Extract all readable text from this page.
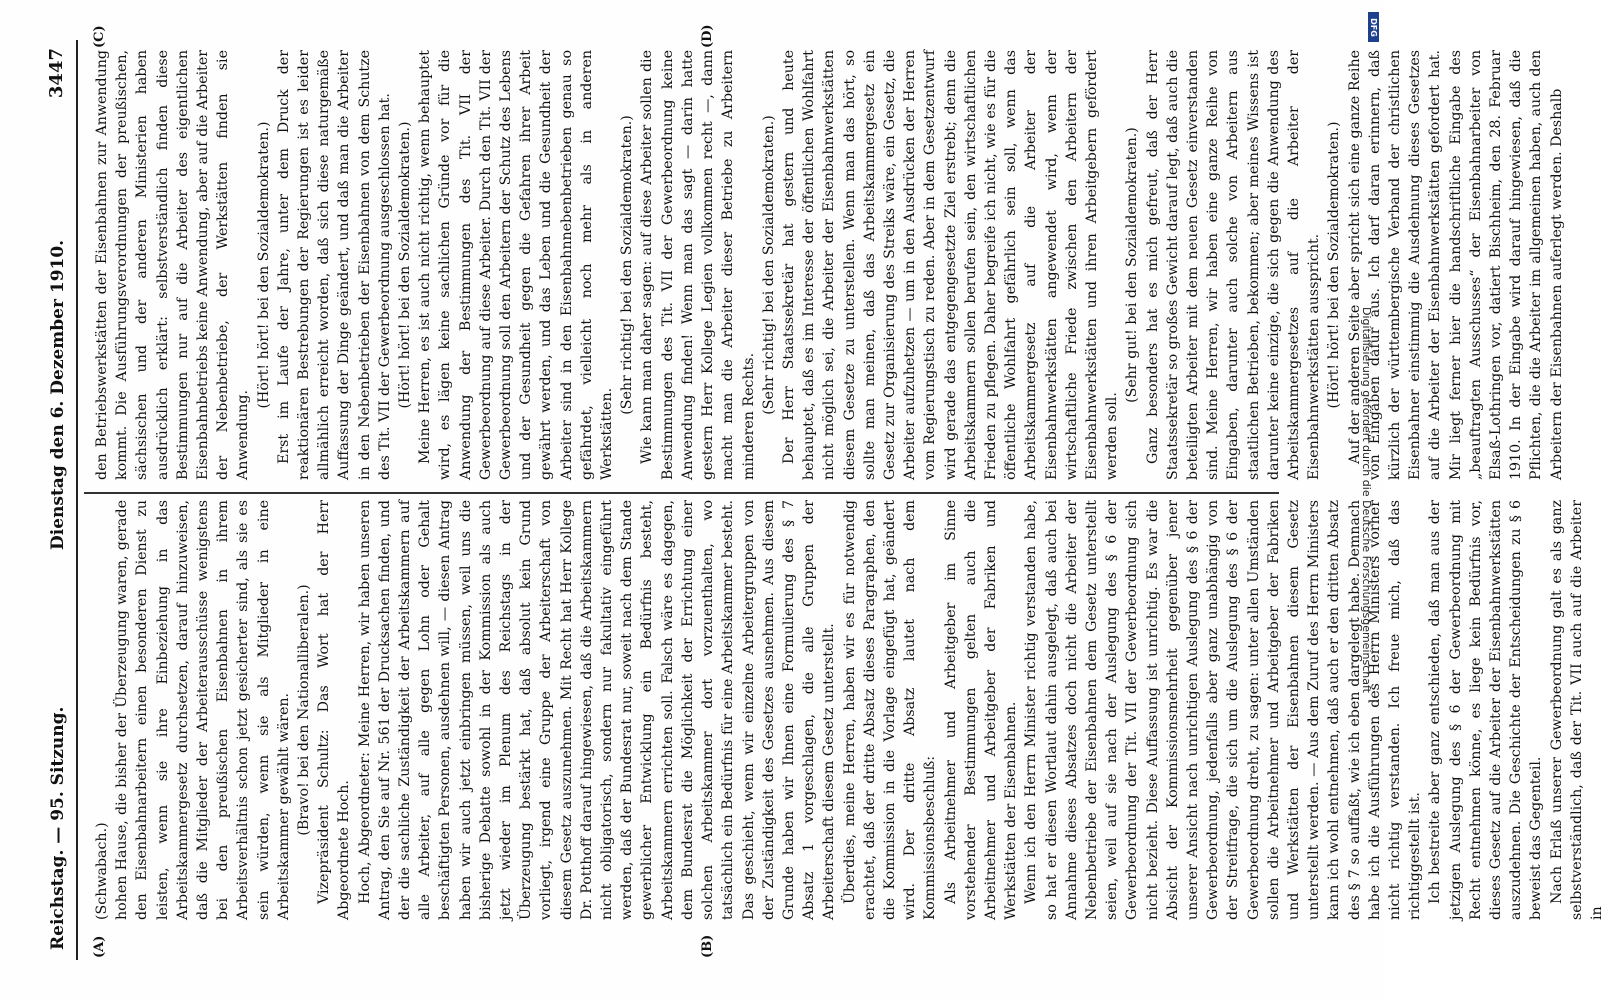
Reichstag. — 95. Sitzung.
Dienstag den 6. Dezember 1910.
3447
(A)	(B)
(C)	(D)

(Schwabach.) hohen Hause, die bisher der Überzeugung waren, gerade den Eisenbahnarbeitern einen besonderen Dienst zu leisten, wenn sie ihre Einbeziehung in das Arbeitskammergesetz durchsetzen, darauf hinzuweisen, daß die Mitglieder der Arbeiterausschüsse wenigstens bei den preußischen Eisenbahnen in ihrem Arbeitsverhältnis schon jetzt gesicherter sind, als sie es sein würden, wenn sie als Mitglieder in eine Arbeitskammer gewählt wären. (Bravo! bei den Nationalliberalen.) Vizepräsident Schultz: Das Wort hat der Herr Abgeordnete Hoch. Hoch, Abgeordneter: Meine Herren, wir haben unseren Antrag, den Sie auf Nr. 561 der Drucksachen finden, und der die sachliche Zuständigkeit der Arbeitskammern auf alle Arbeiter, auf alle gegen Lohn oder Gehalt beschäftigten Personen, ausdehnen will, — diesen Antrag haben wir auch jetzt einbringen müssen, weil uns die bisherige Debatte sowohl in der Kommission als auch jetzt wieder im Plenum des Reichstags in der Überzeugung bestärkt hat, daß absolut kein Grund vorliegt, irgend eine Gruppe der Arbeiterschaft von diesem Gesetz auszunehmen. Mit Recht hat Herr Kollege Dr. Potthoff darauf hingewiesen, daß die Arbeitskammern nicht obligatorisch, sondern nur fakultativ eingeführt werden, daß der Bundesrat nur, soweit nach dem Stande gewerblicher Entwicklung ein Bedürfnis besteht, Arbeitskammern errichten soll. Falsch wäre es dagegen, dem Bundesrat die Möglichkeit der Errichtung einer solchen Arbeitskammer dort vorzuenthalten, wo tatsächlich ein Bedürfnis für eine Arbeitskammer besteht. Das geschieht, wenn wir einzelne Arbeitergruppen von der Zuständigkeit des Gesetzes ausnehmen. Aus diesem Grunde haben wir Ihnen eine Formulierung des § 7 Absatz 1 vorgeschlagen, die alle Gruppen der Arbeiterschaft diesem Gesetz unterstellt. Überdies, meine Herren, haben wir es für notwendig erachtet, daß der dritte Absatz dieses Paragraphen, den die Kommission in die Vorlage eingefügt hat, geändert wird. Der dritte Absatz lautet nach dem Kommissionsbeschluß: Als Arbeitnehmer und Arbeitgeber im Sinne vorstehender Bestimmungen gelten auch die Arbeitnehmer und Arbeitgeber der Fabriken und Werkstätten der Eisenbahnen. Wenn ich den Herrn Minister richtig verstanden habe, so hat er diesen Wortlaut dahin ausgelegt, daß auch bei Annahme dieses Absatzes doch nicht die Arbeiter der Nebenbetriebe der Eisenbahnen dem Gesetz unterstellt seien, weil auf sie nach der Auslegung des § 6 der Gewerbeordnung der Tit. VII der Gewerbeordnung sich nicht bezieht. Diese Auffassung ist unrichtig. Es war die Absicht der Kommissionsmehrheit gegenüber jener unserer Ansicht nach unrichtigen Auslegung des § 6 der Gewerbeordnung, jedenfalls aber ganz unabhängig von der Streitfrage, die sich um die Auslegung des § 6 der Gewerbeordnung dreht, zu sagen: unter allen Umständen sollen die Arbeitnehmer und Arbeitgeber der Fabriken und Werkstätten der Eisenbahnen diesem Gesetz unterstellt werden. — Aus dem Zuruf des Herrn Ministers kann ich wohl entnehmen, daß auch er den dritten Absatz des § 7 so auffaßt, wie ich eben dargelegt habe. Demnach habe ich die Ausführungen des Herrn Ministers vorher nicht richtig verstanden. Ich freue mich, daß das richtiggestellt ist. Ich bestreite aber ganz entschieden, daß man aus der jetzigen Auslegung des § 6 der Gewerbeordnung mit Recht entnehmen könne, es liege kein Bedürfnis vor, dieses Gesetz auf die Arbeiter der Eisenbahnwerkstätten auszudehnen. Die Geschichte der Entscheidungen zu § 6 beweist das Gegenteil. Nach Erlaß unserer Gewerbeordnung galt es als ganz selbstverständlich, daß der Tit. VII auch auf die Arbeiter in

den Betriebswerkstätten der Eisenbahnen zur Anwendung kommt. Die Ausführungsverordnungen der preußischen, sächsischen und der anderen Ministerien haben ausdrücklich erklärt: selbstverständlich finden diese Bestimmungen nur auf die Arbeiter des eigentlichen Eisenbahnbetriebs keine Anwendung, aber auf die Arbeiter der Nebenbetriebe, der Werkstätten finden sie Anwendung.

(Hört! hört! bei den Sozialdemokraten.) Erst im Laufe der Jahre, unter dem Druck der reaktionären Bestrebungen der Regierungen ist es leider allmählich erreicht worden, daß sich diese naturgemäße Auffassung der Dinge geändert, und daß man die Arbeiter in den Nebenbetrieben der Eisenbahnen von dem Schutze des Tit. VII der Gewerbeordnung ausgeschlossen hat. (Hört! hört! bei den Sozialdemokraten.) Meine Herren, es ist auch nicht richtig, wenn behauptet wird, es lägen keine sachlichen Gründe vor für die Anwendung der Bestimmungen des Tit. VII der Gewerbeordnung auf diese Arbeiter. Durch den Tit. VII der Gewerbeordnung soll den Arbeitern der Schutz des Lebens und der Gesundheit gegen die Gefahren ihrer Arbeit gewährt werden, und das Leben und die Gesundheit der Arbeiter sind in den Eisenbahnnebenbetrieben genau so gefährdet, vielleicht noch mehr als in anderen Werkstätten.

(Sehr richtig! bei den Sozialdemokraten.) Wie kann man daher sagen: auf diese Arbeiter sollen die Bestimmungen des Tit. VII der Gewerbeordnung keine Anwendung finden! Wenn man das sagt — darin hatte gestern Herr Kollege Legien vollkommen recht —, dann macht man die Arbeiter dieser Betriebe zu Arbeitern minderen Rechts.

(Sehr richtig! bei den Sozialdemokraten.) Der Herr Staatssekretär hat gestern und heute behauptet, daß es im Interesse der öffentlichen Wohlfahrt nicht möglich sei, die Arbeiter der Eisenbahnwerkstätten diesem Gesetze zu unterstellen. Wenn man das hört, so sollte man meinen, daß das Arbeitskammergesetz ein Gesetz zur Organisierung des Streiks wäre, ein Gesetz, die Arbeiter aufzuhetzen — um in den Ausdrücken der Herren vom Regierungstisch zu reden. Aber in dem Gesetzentwurf wird gerade das entgegengesetzte Ziel erstrebt; denn die Arbeitskammern sollen berufen sein, den wirtschaftlichen Frieden zu pflegen. Daher begreife ich nicht, wie es für die öffentliche Wohlfahrt gefährlich sein soll, wenn das Arbeitskammergesetz auf die Arbeiter der Eisenbahnwerkstätten angewendet wird, wenn der wirtschaftliche Friede zwischen den Arbeitern der Eisenbahnwerkstätten und ihren Arbeitgebern gefördert werden soll.

(Sehr gut! bei den Sozialdemokraten.) Ganz besonders hat es mich gefreut, daß der Herr Staatssekretär so großes Gewicht darauf legt, daß auch die beteiligten Arbeiter mit dem neuen Gesetz einverstanden sind. Meine Herren, wir haben eine ganze Reihe von Eingaben, darunter auch solche von Arbeitern aus staatlichen Betrieben, bekommen; aber meines Wissens ist darunter keine einzige, die sich gegen die Anwendung des Arbeitskammergesetzes auf die Arbeiter der Eisenbahnwerkstätten ausspricht. (Hört! hört! bei den Sozialdemokraten.) Auf der anderen Seite aber spricht sich eine ganze Reihe von Eingaben dafür aus. Ich darf daran erinnern, daß kürzlich der württembergische Verband der christlichen Eisenbahner einstimmig die Ausdehnung dieses Gesetzes auf die Arbeiter der Eisenbahnwerkstätten gefordert hat. Mir liegt ferner hier die handschriftliche Eingabe des „beauftragten Ausschusses“ der Eisenbahnarbeiter von Elsaß-Lothringen vor, datiert Bischheim, den 28. Februar 1910. In der Eingabe wird darauf hingewiesen, daß die Pflichten, die die Arbeiter im allgemeinen haben, auch den Arbeitern der Eisenbahnen auferlegt werden. Deshalb

Digitalisierung gefördert durch die Deutsche Forschungsgemeinschaft
DFG
